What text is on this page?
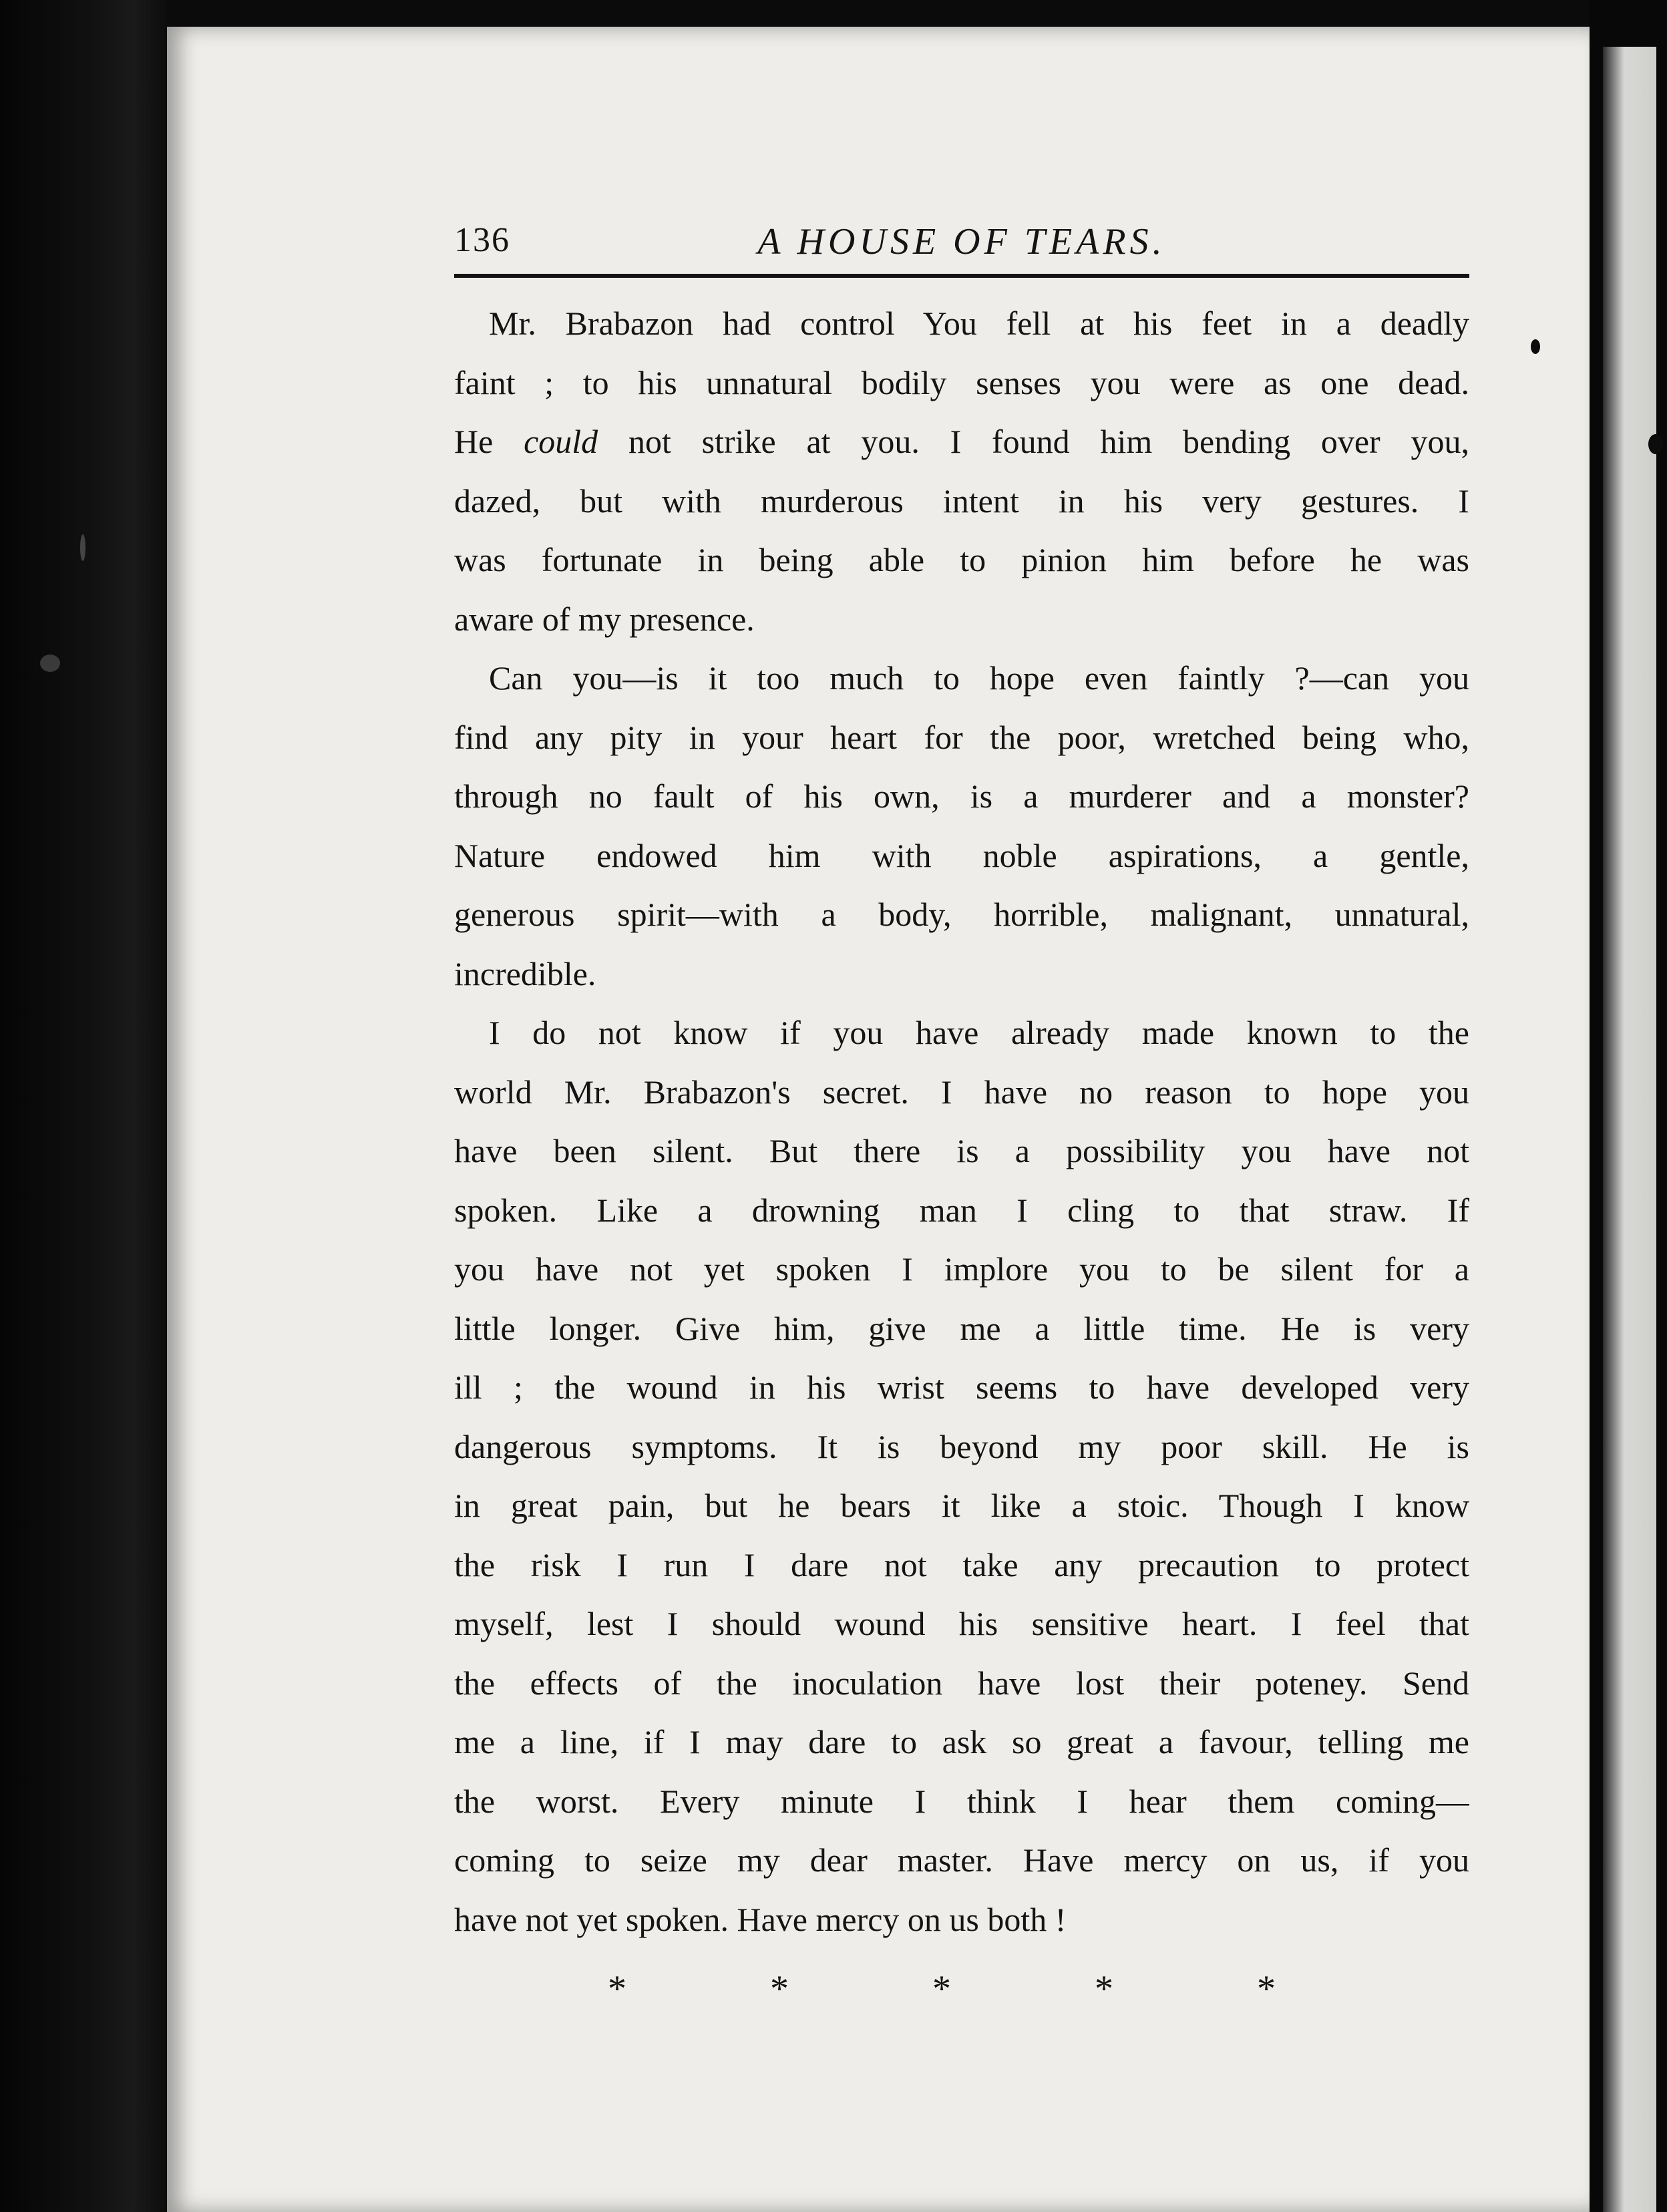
136	A HOUSE OF TEARS.
Mr. Brabazon had control You fell at his feet in a deadly
faint ; to his unnatural bodily senses you were as one dead.
He could not strike at you. I found him bending over you,
dazed, but with murderous intent in his very gestures. I
was fortunate in being able to pinion him before he was
aware of my presence.
Can you—is it too much to hope even faintly ?—can you
find any pity in your heart for the poor, wretched being who,
through no fault of his own, is a murderer and a monster?
Nature endowed him with noble aspirations, a gentle,
generous spirit—with a body, horrible, malignant, unnatural,
incredible.
I do not know if you have already made known to the
world Mr. Brabazon's secret. I have no reason to hope you
have been silent. But there is a possibility you have not
spoken. Like a drowning man I cling to that straw. If
you have not yet spoken I implore you to be silent for a
little longer. Give him, give me a little time. He is very
ill ; the wound in his wrist seems to have developed very
dangerous symptoms. It is beyond my poor skill. He is
in great pain, but he bears it like a stoic. Though I know
the risk I run I dare not take any precaution to protect
myself, lest I should wound his sensitive heart. I feel that
the effects of the inoculation have lost their poteney. Send
me a line, if I may dare to ask so great a favour, telling me
the worst. Every minute I think I hear them coming—
coming to seize my dear master. Have mercy on us, if you
have not yet spoken. Have mercy on us both !
*	*	*	*	*
